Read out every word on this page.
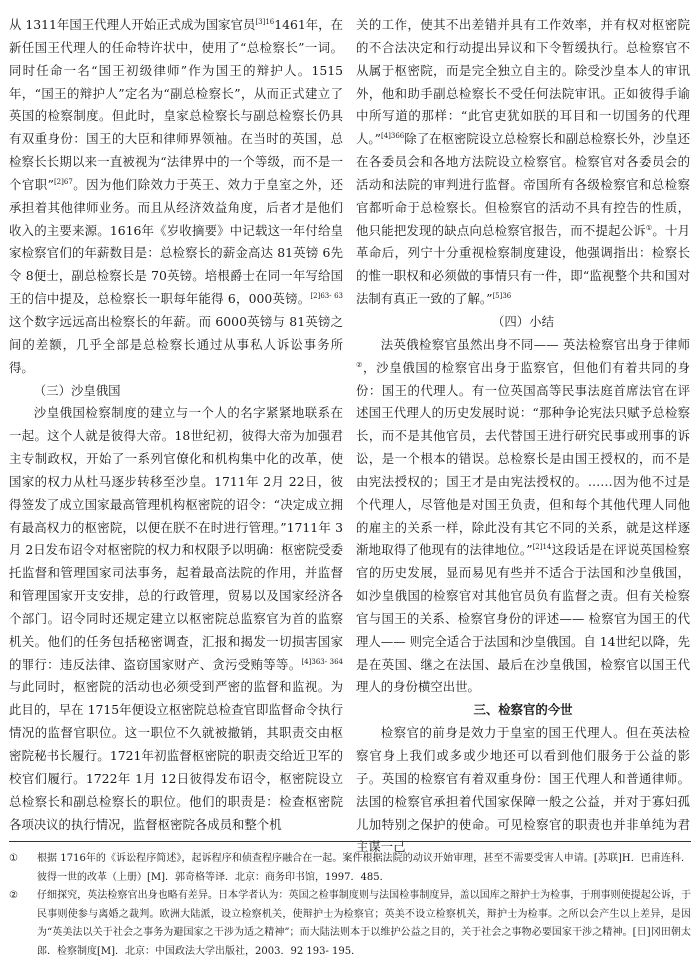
从 1311年国王代理人开始正式成为国家官员$^{[3]16}$1461年，在新任国王代理人的任命特许状中，使用了“总检察长”一词。同时任命一名“国王初级律师”作为国王的辩护人。1515年，“国王的辩护人”定名为“副总检察长”，从而正式建立了英国的检察制度。但此时，皇家总检察长与副总检察长仍具有双重身份：国王的大臣和律师界领袖。在当时的英国，总检察长长期以来一直被视为“法律界中的一个等级，而不是一个官职”$^{[2]67}$。因为他们除效力于英王、效力于皇室之外，还承担着其他律师业务。而且从经济效益角度，后者才是他们收入的主要来源。1616年《岁收摘要》中记载这一年付给皇家检察官们的年薪数目是：总检察长的薪金高达 81英镑 6先令 8便士，副总检察长是 70英镑。培根爵士在同一年写给国王的信中提及，总检察长一职每年能得 6，000英镑。$^{[2]63- 63}$这个数字远远高出检察长的年薪。而 6000英镑与 81英镑之间的差额，几乎全部是总检察长通过从事私人诉讼事务所得。

（三）沙皇俄国

沙皇俄国检察制度的建立与一个人的名字紧紧地联系在一起。这个人就是彼得大帝。18世纪初，彼得大帝为加强君主专制政权，开始了一系列官僚化和机构集中化的改革，使国家的权力从杜马逐步转移至沙皇。1711年 2月 22日，彼得签发了成立国家最高管理机构枢密院的诏令：“决定成立拥有最高权力的枢密院，以便在朕不在时进行管理。”1711年 3月 2日发布诏令对枢密院的权力和权限予以明确：枢密院受委托监督和管理国家司法事务，起着最高法院的作用，并监督和管理国家开支安排，总的行政管理，贸易以及国家经济各个部门。诏令同时还规定建立以枢密院总监察官为首的监察机关。他们的任务包括秘密调查，汇报和揭发一切损害国家的罪行：违反法律、盗窃国家财产、贪污受贿等等。$^{[4]363- 364}$与此同时，枢密院的活动也必须受到严密的监督和监视。为此目的，早在 1715年便设立枢密院总检查官即监督命令执行情况的监督官职位。这一职位不久就被撤销，其职责交由枢密院秘书长履行。1721年初监督枢密院的职责交给近卫军的校官们履行。1722年 1月 12日彼得发布诏令，枢密院设立总检察长和副总检察长的职位。他们的职责是：检查枢密院各项决议的执行情况，监督枢密院各成员和整个机

关的工作，使其不出差错并具有工作效率，并有权对枢密院的不合法决定和行动提出异议和下令暂缓执行。总检察官不从属于枢密院，而是完全独立自主的。除受沙皇本人的审讯外，他和助手副总检察长不受任何法院审讯。正如彼得手谕中所写道的那样：“此官吏犹如朕的耳目和一切国务的代理人。”$^{[4]366}$除了在枢密院设立总检察长和副总检察长外，沙皇还在各委员会和各地方法院设立检察官。检察官对各委员会的活动和法院的审判进行监督。帝国所有各级检察官和总检察官都听命于总检察长。但检察官的活动不具有控告的性质，他只能把发现的缺点向总检察官报告，而不提起公诉①。十月革命后，列宁十分重视检察制度建设，他强调指出：检察长的惟一职权和必须做的事情只有一件，即“监视整个共和国对法制有真正一致的了解。”$^{[5]36}$

（四）小结

法英俄检察官虽然出身不同—— 英法检察官出身于律师②，沙皇俄国的检察官出身于监察官，但他们有着共同的身份：国王的代理人。有一位英国高等民事法庭首席法官在评述国王代理人的历史发展时说：“那种争论宪法只赋予总检察长，而不是其他官员，去代替国王进行研究民事或刑事的诉讼，是一个根本的错误。总检察长是由国王授权的，而不是由宪法授权的；国王才是由宪法授权的。……因为他不过是个代理人，尽管他是对国王负责，但和每个其他代理人同他的雇主的关系一样，除此没有其它不同的关系，就是这样逐渐地取得了他现有的法律地位。”$^{[2]14}$这段话是在评说英国检察官的历史发展，显而易见有些并不适合于法国和沙皇俄国，如沙皇俄国的检察官对其他官员负有监督之责。但有关检察官与国王的关系、检察官身份的评述—— 检察官为国王的代理人—— 则完全适合于法国和沙皇俄国。自 14世纪以降，先是在英国、继之在法国、最后在沙皇俄国，检察官以国王代理人的身份横空出世。

三、检察官的今世

检察官的前身是效力于皇室的国王代理人。但在英法检察官身上我们或多或少地还可以看到他们服务于公益的影子。英国的检察官有着双重身份：国王代理人和普通律师。法国的检察官承担着代国家保障一般之公益，并对于寡妇孤儿加特别之保护的使命。可见检察官的职责也并非单纯为君主谋一己

①	根据 1716年的《诉讼程序简述》，起诉程序和侦查程序融合在一起。案件根据法院的动议开始审理，甚至不需要受害人申请。[苏联]Н．巴甫连科．彼得一世的改革（上册）[M]．郭奇格等译．北京：商务印书馆，1997．485．
②	仔细探究，英法检察官出身也略有差异。日本学者认为：英国之检事制度则与法国检事制度异，盖以国库之辩护士为检事，于刑事则使提起公诉，于民事则使参与离婚之裁判。欧洲大陆派，设立检察机关，使辩护士为检察官；英美不设立检察机关，辩护士为检事。之所以会产生以上差异，是因为“英美法以关于社会之事务为避国家之干涉为适之精神”；而大陆法则本于以维护公益之目的，关于社会之事物必要国家干涉之精神。[日]冈田朝太郎．检察制度[M]．北京：中国政法大学出版社，2003．92 193- 195．
